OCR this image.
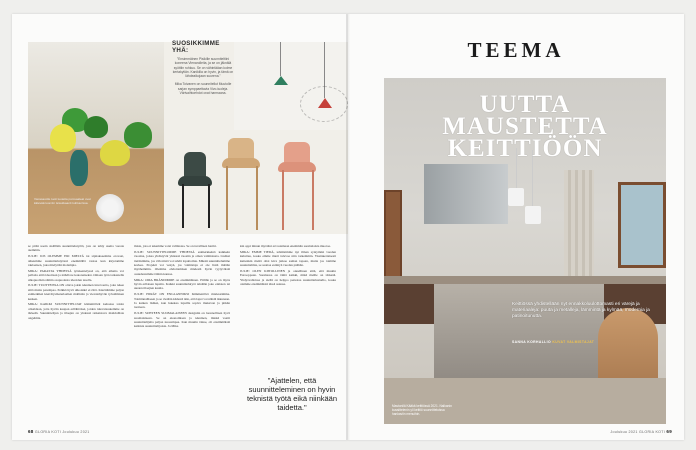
Vierasavolle tuoti tuotetta purovaaleat ovat kätevää tuomiin tsisukkaanit kulttuurissa.

SUOSIKKIMME YHÄ:

"Ensimmäinen Pisikille suunniteltiini koneena Vienarolleita, ja se on jäknälä syöttiin ruhkuu. Se on vähintääan kolme kertakytiän. Kanikilla on hyvin, ja tämä on lähdeaikojaan suurena."

Mika Toivanen on suunnitellut Muutolle sarjan symppaettavia Vivo-tuoleja. Värivaihtoehdot ovat harmaana.

se pitää usein sisällään suunnittelutyötä, jota on tehty useita vuosia aiemmin.

JULIE: JOS OLEMME ERI MIELTÄ tai sipitakseemme erovaat, aiheumme suunnittelutyössä enemmällä vastaa kun kirjotamme raklaaisen, joka mielyttää molempia.

MIKA: PARASTA YHDESSÄ työskentelyssä on, että aiheita voi pallotta ettiä ideoitaan ja nähdä ne kokonaiseksi. Omaan työn tarkastella ulkopuolisin silmin osapuolesta ideoiden tasolla.

JULIE: TUOTTEISSA ON oltava jokin tekninen innovaatio, joka tekee siitä muita parempaa. Pelkkä hyvä ulkonäkö ei riitä. Kierätämme paljon esimerkiksi kierrätysmateriaalien mallisiin ja vieroinhyvän työstämisen kesken.

MIKA: KAIKKI SUUNNITTELIJAT käännittävät kehonsa toisin olisaldaan, jotta hyvän kaupan erilähtöiset, joiden tulevaisuutemme on tärkeää. Suunnittelijan ja tilaajan on yhdessä ratkaistava mahdollisia ongelmia.

mista, jota ei tekemme voisi valmistaa. Se on tuvallisen harmi.

JULIE: SUUNNITTELIMME YHDESSÄ esimerkkeinä kaikkein vuosina, joissa yhdistyvät yhdessä vuosiin ja oman valmistusta. Lisäksi tietäisimme, jos väh niistä voi tehdä loputtomia. Miksiä suunnittelumme korkea. Projekti voi venyä, jos valmistaja ei ole lisää mitään myöhemmin. Olemme ehdottamisen mielestä hyvin tyytyväisiä osuudestamme tämän kanssa.

MIKA: OMA BRÄNDIMME on ensimmäinen. Piilille ja se on myös hyvin erilaisen lapsiin. Kaikki suunnittelutyöt tehdään joko entisten tai uusien tilaajien kautta.

JULIE: PIIRÄT ON ENGLANNIKSI hämmentävä mielessämme. Toiminnalliseen ja se vietään kädestä niin, että lapsi voi nähdä ikkunaan. Ja kaiken lisäksi, kun lukekaa lapsille sopiva mukavan ja pitkän tuotteen.

JULIE: SUHTEEN SUOMALAISEEN designiin on luonnollisen hyvä suomalaiseen. Se on ekonomisen ja tekninen, minkä vaatii suunnittelijalta paljon nuorempaa. Kun muutin tänne, oli ensimmäisiä kaikista suunnittelijoista. Ja Mika

kin oppi minun myötäni arvostamaan enemmän suomalaista muotoa.

MIKA: EMME TIEDÄ, tehtäisimme nyt ilman syntymäsi vuoden kuluttua, koska emme mieti tulevaa niin tarkemmin. Yksinkertaisesti kuitenkin meitä olisi kiva jatkaa saman tapaan, mutta jos toimme suunnitelmia, se saattaa esiintyä vuoden päähän.

JULIE: OLEN KIITOLLINEN ja onnellinen siitä, että muutin Eurooppaan. Suomessa on tämä kaikki, mikä meille on tärkeää. Yhdysvalloissa ja siellä on helppo perustaa suunnittelustudio, koska olemme ensimmäisiä tässä asiassa.

"Ajattelen, että suunnitteleminen on hyvin teknistä työtä eikä niinkään taidetta."
68 GLORIA KOTI Joulukuu 2021
TEEMA
UUTTA
MAUSTETTA
KEITTIÖÖN
Keittiössä yhdistellään nyt ennakkoluulottomasti eri värejä ja materiaaleja: puuta ja metalleja, lämmintä ja kylmää, modernia ja patinoitunutta.
SANNA KORHALLIO KUVAT VALMISTAJAT
Mastonilä Kääkä keittiössä 2021. Nalkanin kussittelenin yli keittiö suunnitteluissa hankaviin menuihin.
Joulukuu 2021 GLORIA KOTI 69
